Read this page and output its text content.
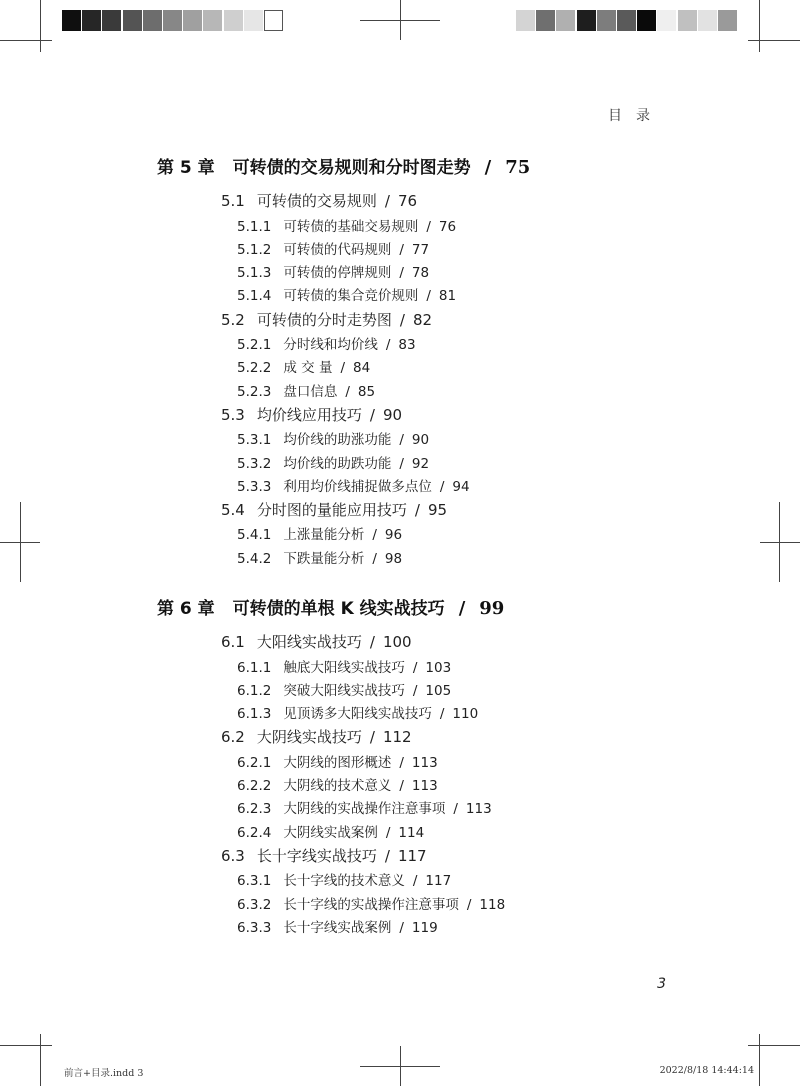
目录
第 5 章  可转债的交易规则和分时图走势 / 75
5.1 可转债的交易规则 / 76
5.1.1 可转债的基础交易规则 / 76
5.1.2 可转债的代码规则 / 77
5.1.3 可转债的停牌规则 / 78
5.1.4 可转债的集合竞价规则 / 81
5.2 可转债的分时走势图 / 82
5.2.1 分时线和均价线 / 83
5.2.2 成 交 量 / 84
5.2.3 盘口信息 / 85
5.3 均价线应用技巧 / 90
5.3.1 均价线的助涨功能 / 90
5.3.2 均价线的助跌功能 / 92
5.3.3 利用均价线捕捉做多点位 / 94
5.4 分时图的量能应用技巧 / 95
5.4.1 上涨量能分析 / 96
5.4.2 下跌量能分析 / 98
第 6 章  可转债的单根 K 线实战技巧 / 99
6.1 大阳线实战技巧 / 100
6.1.1 触底大阳线实战技巧 / 103
6.1.2 突破大阳线实战技巧 / 105
6.1.3 见顶诱多大阳线实战技巧 / 110
6.2 大阴线实战技巧 / 112
6.2.1 大阴线的图形概述 / 113
6.2.2 大阴线的技术意义 / 113
6.2.3 大阴线的实战操作注意事项 / 113
6.2.4 大阴线实战案例 / 114
6.3 长十字线实战技巧 / 117
6.3.1 长十字线的技术意义 / 117
6.3.2 长十字线的实战操作注意事项 / 118
6.3.3 长十字线实战案例 / 119
3
前言+目录.indd 3	2022/8/18 14:44:14
